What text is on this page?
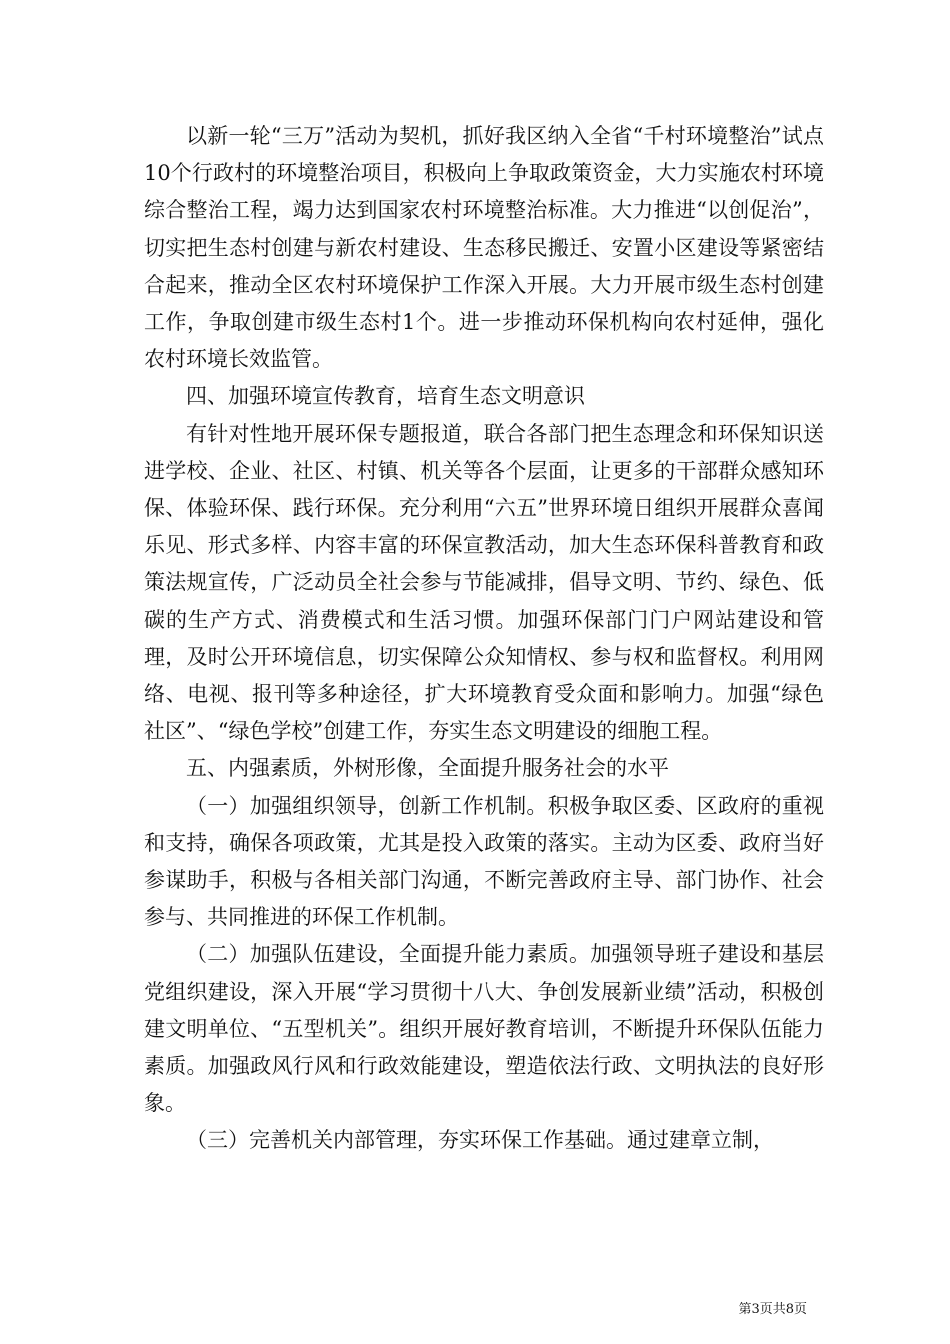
以新一轮“三万”活动为契机，抓好我区纳入全省“千村环境整治”试点10个行政村的环境整治项目，积极向上争取政策资金，大力实施农村环境综合整治工程，竭力达到国家农村环境整治标准。大力推进“以创促治”，切实把生态村创建与新农村建设、生态移民搬迁、安置小区建设等紧密结合起来，推动全区农村环境保护工作深入开展。大力开展市级生态村创建工作，争取创建市级生态村1个。进一步推动环保机构向农村延伸，强化农村环境长效监管。

四、加强环境宣传教育，培育生态文明意识

有针对性地开展环保专题报道，联合各部门把生态理念和环保知识送进学校、企业、社区、村镇、机关等各个层面，让更多的干部群众感知环保、体验环保、践行环保。充分利用“六五”世界环境日组织开展群众喜闻乐见、形式多样、内容丰富的环保宣教活动，加大生态环保科普教育和政策法规宣传，广泛动员全社会参与节能减排，倡导文明、节约、绿色、低碳的生产方式、消费模式和生活习惯。加强环保部门门户网站建设和管理，及时公开环境信息，切实保障公众知情权、参与权和监督权。利用网络、电视、报刊等多种途径，扩大环境教育受众面和影响力。加强“绿色社区”、“绿色学校”创建工作，夯实生态文明建设的细胞工程。

五、内强素质，外树形像，全面提升服务社会的水平

（一）加强组织领导，创新工作机制。积极争取区委、区政府的重视和支持，确保各项政策，尤其是投入政策的落实。主动为区委、政府当好参谋助手，积极与各相关部门沟通，不断完善政府主导、部门协作、社会参与、共同推进的环保工作机制。

（二）加强队伍建设，全面提升能力素质。加强领导班子建设和基层党组织建设，深入开展“学习贯彻十八大、争创发展新业绩”活动，积极创建文明单位、“五型机关”。组织开展好教育培训，不断提升环保队伍能力素质。加强政风行风和行政效能建设，塑造依法行政、文明执法的良好形象。

（三）完善机关内部管理，夯实环保工作基础。通过建章立制，

第3页共8页
